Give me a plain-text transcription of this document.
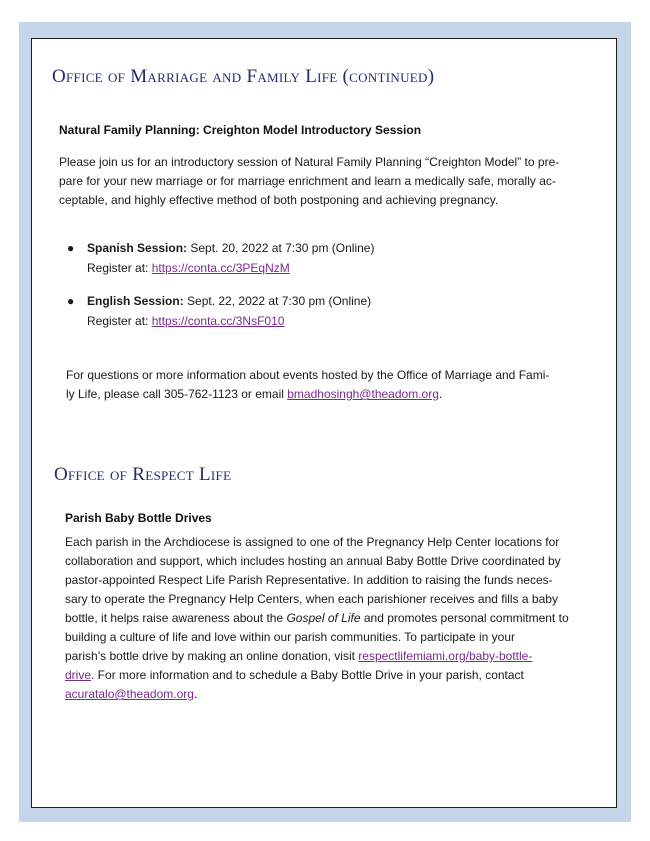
Office of Marriage and Family Life (continued)
Natural Family Planning: Creighton Model Introductory Session
Please join us for an introductory session of Natural Family Planning “Creighton Model” to pre-
pare for your new marriage or for marriage enrichment and learn a medically safe, morally ac-
ceptable, and highly effective method of both postponing and achieving pregnancy.
● Spanish Session: Sept. 20, 2022 at 7:30 pm (Online)
Register at: https://conta.cc/3PEqNzM
● English Session: Sept. 22, 2022 at 7:30 pm (Online)
Register at: https://conta.cc/3NsF010
For questions or more information about events hosted by the Office of Marriage and Fami-
ly Life, please call 305-762-1123 or email bmadhosingh@theadom.org.
Office of Respect Life
Parish Baby Bottle Drives
Each parish in the Archdiocese is assigned to one of the Pregnancy Help Center locations for
collaboration and support, which includes hosting an annual Baby Bottle Drive coordinated by
pastor-appointed Respect Life Parish Representative. In addition to raising the funds neces-
sary to operate the Pregnancy Help Centers, when each parishioner receives and fills a baby
bottle, it helps raise awareness about the Gospel of Life and promotes personal commitment to
building a culture of life and love within our parish communities. To participate in your
parish’s bottle drive by making an online donation, visit respectlifemiami.org/baby-bottle-
drive. For more information and to schedule a Baby Bottle Drive in your parish, contact
acuratalo@theadom.org.
